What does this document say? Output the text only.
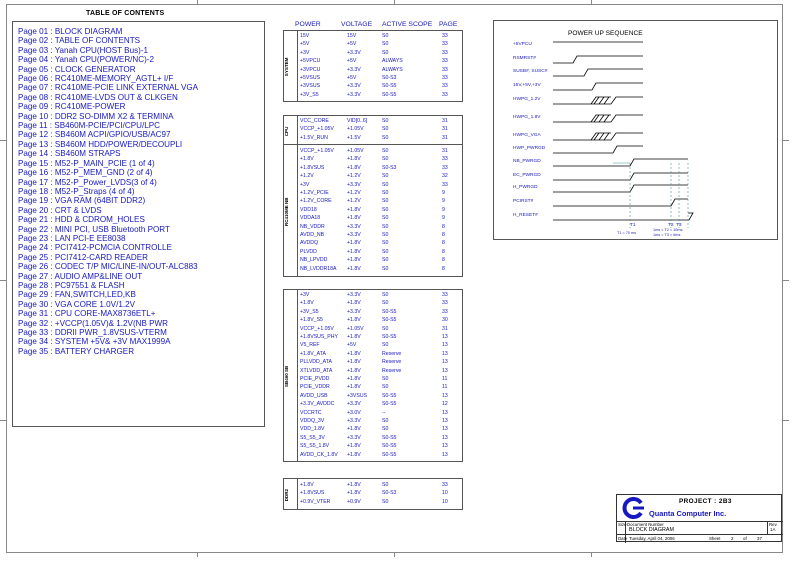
TABLE OF CONTENTS
Page 01 : BLOCK DIAGRAM
Page 02 : TABLE OF CONTENTS
Page 03 : Yanah CPU(HOST Bus)-1
Page 04 : Yanah CPU(POWER/NC)-2
Page 05 : CLOCK GENERATOR
Page 06 : RC410ME-MEMORY_AGTL+ I/F
Page 07 : RC410ME-PCIE LINK EXTERNAL VGA
Page 08 : RC410ME-LVDS OUT & CLKGEN
Page 09 : RC410ME-POWER
Page 10 : DDR2 SO-DIMM X2 & TERMINA
Page 11 : SB460M-PCIE/PCI/CPU/LPC
Page 12 : SB460M ACPI/GPIO/USB/AC97
Page 13 : SB460M HDD/POWER/DECOUPLI
Page 14 : SB460M STRAPS
Page 15 : M52-P_MAIN_PCIE (1 of 4)
Page 16 : M52-P_MEM_GND (2 of 4)
Page 17 : M52-P_Power_LVDS(3 of 4)
Page 18 : M52-P_Straps (4 of 4)
Page 19 : VGA RAM (64BIT DDR2)
Page 20 : CRT & LVDS
Page 21 : HDD & CDROM_HOLES
Page 22 : MINI PCI, USB Bluetooth PORT
Page 23 : LAN PCI-E EE8038
Page 24 : PCI7412-PCMCIA CONTROLLE
Page 25 : PCI7412-CARD READER
Page 26 : CODEC T/P MIC/LINE-IN/OUT-ALC883
Page 27 : AUDIO AMP&LINE OUT
Page 28 : PC97551 & FLASH
Page 29 : FAN,SWITCH,LED,KB
Page 30 : VGA CORE 1.0V/1.2V
Page 31 : CPU CORE-MAX8736ETL+
Page 32 : +VCCP(1.05V)& 1.2V(NB PWR
Page 33 : DDRII PWR_1.8VSUS-VTERM
Page 34 : SYSTEM +5V& +3V MAX1999A
Page 35 : BATTERY CHARGER
POWER	VOLTAGE ACTIVE SCOPE PAGE
SYSTEM
15V	15V	S0	33
+5V	+5V	S0	33
+3V	+3.3V	S0	33
+5VPCU	+5V	ALWAYS	33
+3VPCU	+3.3V	ALWAYS	33
+5VSUS	+5V	S0-S3	33
+3VSUS	+3.3V	S0-S5	33
+3V_S5	+3.3V	S0-S5	33
CPU
VCC_CORE	VID[0..6]	S0	31
VCCP_+1.05V	+1.05V	S0	31
+1.5V_RUN	+1.5V	S0	31
RC410ME NB
VCCP_+1.05V	+1.05V	S0	31
+1.8V	+1.8V	S0	33
+1.8VSUS	+1.8V	S0-S3	33
+1.2V	+1.2V	S0	32
+3V	+3.3V	S0	33
+1.2V_PCIE	+1.2V	S0	9
+1.2V_CORE	+1.2V	S0	9
VDD18	+1.8V	S0	9
VDDA18	+1.8V	S0	9
NB_VDDR	+3.3V	S0	8
AVDD_NB	+3.3V	S0	8
AVDDQ	+1.8V	S0	8
PLVDD	+1.8V	S0	8
NB_LPVDD	+1.8V	S0	8
NB_LVDDR18A +1.8V	S0	8
SB460 SB
+3V	+3.3V	S0	33
+1.8V	+1.8V	S0	33
+3V_S5	+3.3V	S0-S5	33
+1.8V_S5	+1.8V	S0-S5	30
VCCP_+1.05V	+1.05V	S0	31
+1.8VSUS_PHY +1.8V	S0-S5	13
V5_REF	+5V	S0	13
+1.8V_ATA	+1.8V	Reserve	13
PLLVDD_ATA	+1.8V	Reserve	13
XTLVDD_ATA	+1.8V	Reserve	13
PCIE_PVDD	+1.8V	S0	11
PCIE_VDDR	+1.8V	S0	11
AVDD_USB	+3VSUS	S0-S5	13
+3.3V_AVDDC +3.3V	S0-S5	12
VCCRTC	+3.0V	--	13
VDDQ_3V	+3.3V	S0	13
VDD_1.8V	+1.8V	S0	13
S5_S5_3V	+3.3V	S0-S5	13
S5_S5_1.8V	+1.8V	S0-S5	13
AVDD_CK_1.8V +1.8V	S0-S5	13
DDR2
+1.8V	+1.8V	S0	33
+1.8VSUS	+1.8V	S0-S3	10
+0.9V_VTER	+0.9V	S0	10
POWER UP SEQUENCE
+5VPCU
RSMRST#
SUSB#, SUSC#
15V,+5V,+3V
HWPG_1.2V
HWPG_1.8V
HWPG_VGA
HWP_PWRGD
NB_PWRGD
EC_PWRGD
H_PWRGD
PCIRST#
H_RESET#
T1	T2 T3
T1 = 70 ms
1ms < T2 < 10ms
1ms < T3 < 6ms
PROJECT : 2B3
Quanta Computer Inc.
Size Document Number
BLOCK DIAGRAM
Rev
1A
Date Tuesday, April 04, 2006	Sheet 2 of 37
